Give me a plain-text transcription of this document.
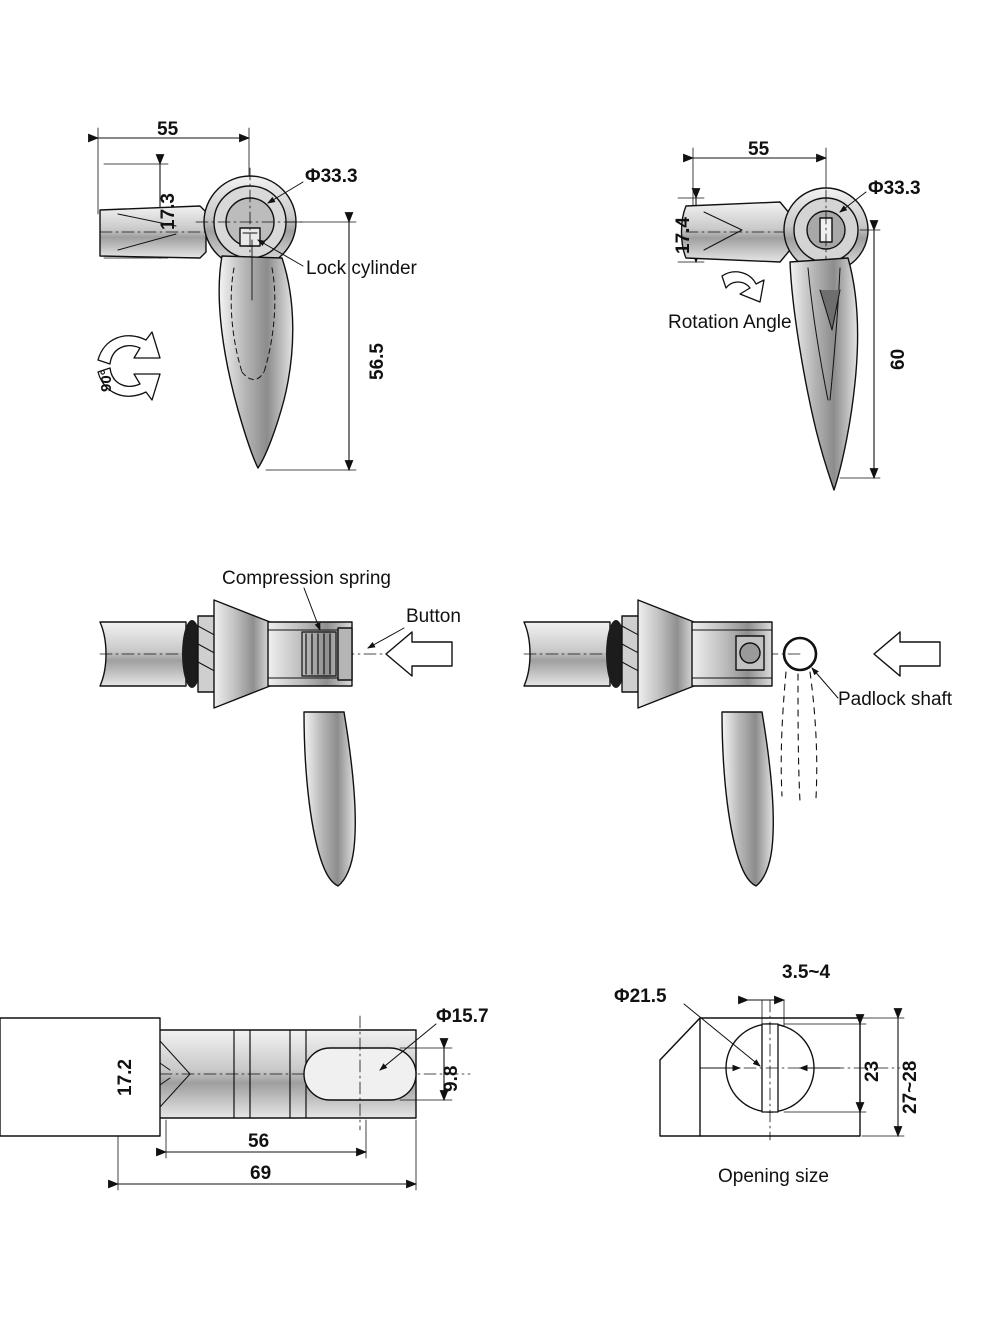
55
17.3
Φ33.3
56.5
90°
Lock cylinder
55
17.4
Φ33.3
60
Rotation Angle
Compression spring
Button
Padlock shaft
17.2
Φ15.7
9.8
56
69
Φ21.5
3.5~4
23 27~28
Opening size
